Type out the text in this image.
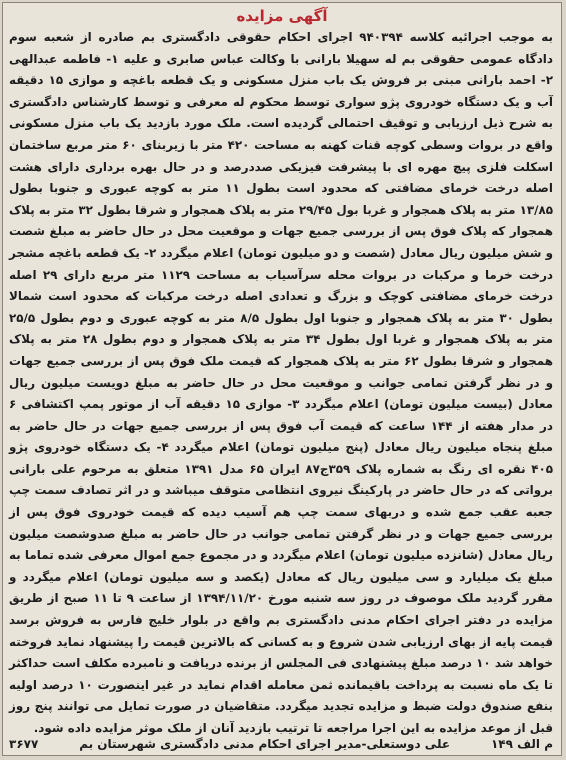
آگهی مزایده

به موجب اجرائیه کلاسه ۹۴۰۳۹۴ اجرای احکام حقوقی دادگستری بم صادره از شعبه سوم دادگاه عمومی حقوقی بم له سهیلا بارانی با وکالت عباس صابری و علیه ۱- فاطمه عبدالهی ۲- احمد بارانی مبنی بر فروش یک باب منزل مسکونی و یک قطعه باغچه و موازی ۱۵ دقیقه آب و یک دستگاه خودروی پژو سواری توسط محکوم له معرفی و توسط کارشناس دادگستری به شرح ذیل ارزیابی و توقیف احتمالی گردیده است. ملک مورد بازدید یک باب منزل مسکونی واقع در بروات وسطی کوچه قنات کهنه به مساحت ۴۲۰ متر با زیربنای ۶۰ متر مربع ساختمان اسکلت فلزی پیچ مهره ای با پیشرفت فیزیکی صددرصد و در حال بهره برداری دارای هشت اصله درخت خرمای مضافتی که محدود است بطول ۱۱ متر به کوچه عبوری و جنوبا بطول ۱۳/۸۵ متر به پلاک همجوار و غربا بول ۲۹/۴۵ متر به پلاک همجوار و شرقا بطول ۳۲ متر به پلاک همجوار که پلاک فوق پس از بررسی جمیع جهات و موقعیت محل در حال حاضر به مبلغ شصت و شش میلیون ریال معادل (شصت و دو میلیون تومان) اعلام میگردد ۲- یک قطعه باغچه مشجر درخت خرما و مرکبات در بروات محله سرآسیاب به مساحت ۱۱۲۹ متر مربع دارای ۲۹ اصله درخت خرمای مضافتی کوچک و بزرگ و تعدادی اصله درخت مرکبات که محدود است شمالا بطول ۳۰ متر به پلاک همجوار و جنوبا اول بطول ۸/۵ متر به کوچه عبوری و دوم بطول ۲۵/۵ متر به پلاک همجوار و غربا اول بطول ۳۴ متر به پلاک همجوار و دوم بطول ۲۸ متر به پلاک همجوار و شرقا بطول ۶۲ متر به پلاک همجوار که قیمت ملک فوق پس از بررسی جمیع جهات و در نظر گرفتن تمامی جوانب و موقعیت محل در حال حاضر به مبلغ دویست میلیون ریال معادل (بیست میلیون تومان) اعلام میگردد ۳- موازی ۱۵ دقیقه آب از موتور پمپ اکتشافی ۶ در مدار هفته از ۱۴۴ ساعت که قیمت آب فوق پس از بررسی جمیع جهات در حال حاضر به مبلغ پنجاه میلیون ریال معادل (پنج میلیون تومان) اعلام میگردد ۴- یک دستگاه خودروی پژو ۴۰۵ نقره ای رنگ به شماره پلاک ۳۵۹ج۸۷ ایران ۶۵ مدل ۱۳۹۱ متعلق به مرحوم علی بارانی برواتی که در حال حاضر در پارکینگ نیروی انتظامی متوقف میباشد و در اثر تصادف سمت چپ جعبه عقب جمع شده و دربهای سمت چپ هم آسیب دیده که قیمت خودروی فوق پس از بررسی جمیع جهات و در نظر گرفتن تمامی جوانب در حال حاضر به مبلغ صدوشصت میلیون ریال معادل (شانزده میلیون تومان) اعلام میگردد و در مجموع جمع اموال معرفی شده تماما به مبلغ یک میلیارد و سی میلیون ریال که معادل (یکصد و سه میلیون تومان) اعلام میگردد و مقرر گردید ملک موصوف در روز سه شنبه مورخ ۱۳۹۴/۱۱/۲۰ از ساعت ۹ تا ۱۱ صبح از طریق مزایده در دفتر اجرای احکام مدنی دادگستری بم واقع در بلوار خلیج فارس به فروش برسد قیمت پایه از بهای ارزیابی شدن شروع و به کسانی که بالاترین قیمت را پیشنهاد نماید فروخته خواهد شد ۱۰ درصد مبلغ پیشنهادی فی المجلس از برنده دریافت و نامبرده مکلف است حداکثر تا یک ماه نسبت به پرداخت باقیمانده ثمن معامله اقدام نماید در غیر اینصورت ۱۰ درصد اولیه بنفع صندوق دولت ضبط و مزایده تجدید میگردد. متقاضیان در صورت تمایل می توانند پنج روز قبل از موعد مزایده به این اجرا مراجعه تا ترتیب بازدید آنان از ملک موثر مزایده داده شود.

م الف ۱۴۹
علی دوستعلی-مدیر اجرای احکام مدنی دادگستری شهرستان بم
۳۶۷۷
